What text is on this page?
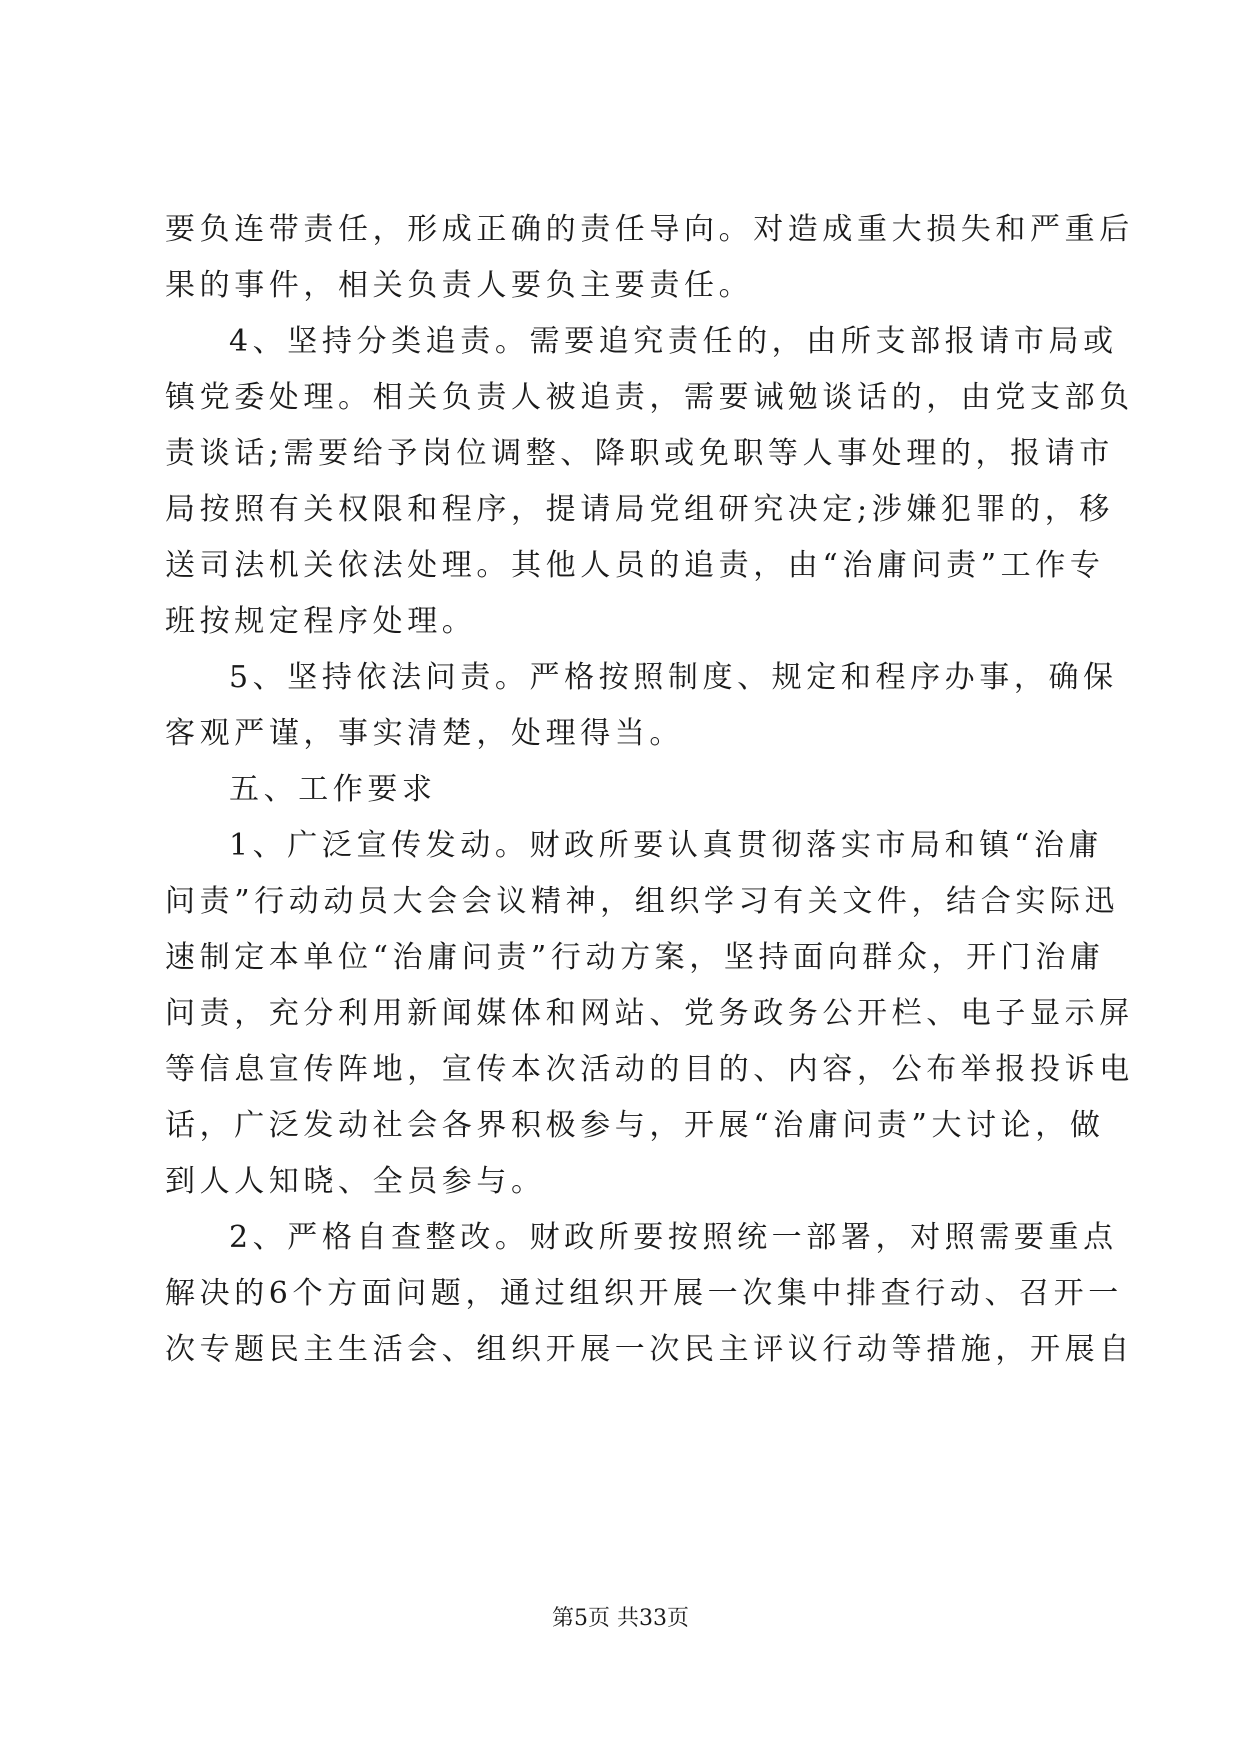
要负连带责任，形成正确的责任导向。对造成重大损失和严重后
果的事件，相关负责人要负主要责任。
4、坚持分类追责。需要追究责任的，由所支部报请市局或
镇党委处理。相关负责人被追责，需要诫勉谈话的，由党支部负
责谈话;需要给予岗位调整、降职或免职等人事处理的，报请市
局按照有关权限和程序，提请局党组研究决定;涉嫌犯罪的，移
送司法机关依法处理。其他人员的追责，由“治庸问责”工作专
班按规定程序处理。
5、坚持依法问责。严格按照制度、规定和程序办事，确保
客观严谨，事实清楚，处理得当。
五、工作要求
1、广泛宣传发动。财政所要认真贯彻落实市局和镇“治庸
问责”行动动员大会会议精神，组织学习有关文件，结合实际迅
速制定本单位“治庸问责”行动方案，坚持面向群众，开门治庸
问责，充分利用新闻媒体和网站、党务政务公开栏、电子显示屏
等信息宣传阵地，宣传本次活动的目的、内容，公布举报投诉电
话，广泛发动社会各界积极参与，开展“治庸问责”大讨论，做
到人人知晓、全员参与。
2、严格自查整改。财政所要按照统一部署，对照需要重点
解决的6个方面问题，通过组织开展一次集中排查行动、召开一
次专题民主生活会、组织开展一次民主评议行动等措施，开展自
第5页 共33页
